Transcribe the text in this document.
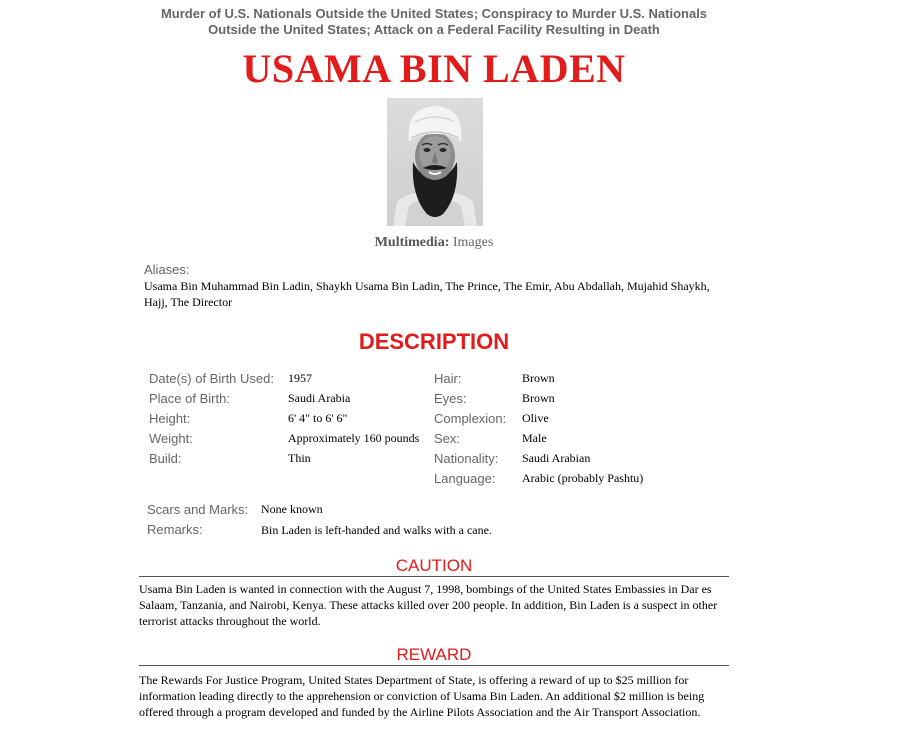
Murder of U.S. Nationals Outside the United States; Conspiracy to Murder U.S. Nationals
Outside the United States; Attack on a Federal Facility Resulting in Death
USAMA BIN LADEN
Multimedia: Images
Aliases:
Usama Bin Muhammad Bin Ladin, Shaykh Usama Bin Ladin, The Prince, The Emir, Abu Abdallah, Mujahid Shaykh, Hajj, The Director
DESCRIPTION
Date(s) of Birth Used: 1957
Place of Birth:	Saudi Arabia
Height:	6' 4" to 6' 6"
Weight:	Approximately 160 pounds
Build:	Thin
Hair:	Brown
Eyes:	Brown
Complexion: Olive
Sex:	Male
Nationality: Saudi Arabian
Language: Arabic (probably Pashtu)
Scars and Marks: None known
Remarks:	Bin Laden is left-handed and walks with a cane.
CAUTION
Usama Bin Laden is wanted in connection with the August 7, 1998, bombings of the United States Embassies in Dar es Salaam, Tanzania, and Nairobi, Kenya. These attacks killed over 200 people. In addition, Bin Laden is a suspect in other terrorist attacks throughout the world.
REWARD
The Rewards For Justice Program, United States Department of State, is offering a reward of up to $25 million for information leading directly to the apprehension or conviction of Usama Bin Laden. An additional $2 million is being offered through a program developed and funded by the Airline Pilots Association and the Air Transport Association.
